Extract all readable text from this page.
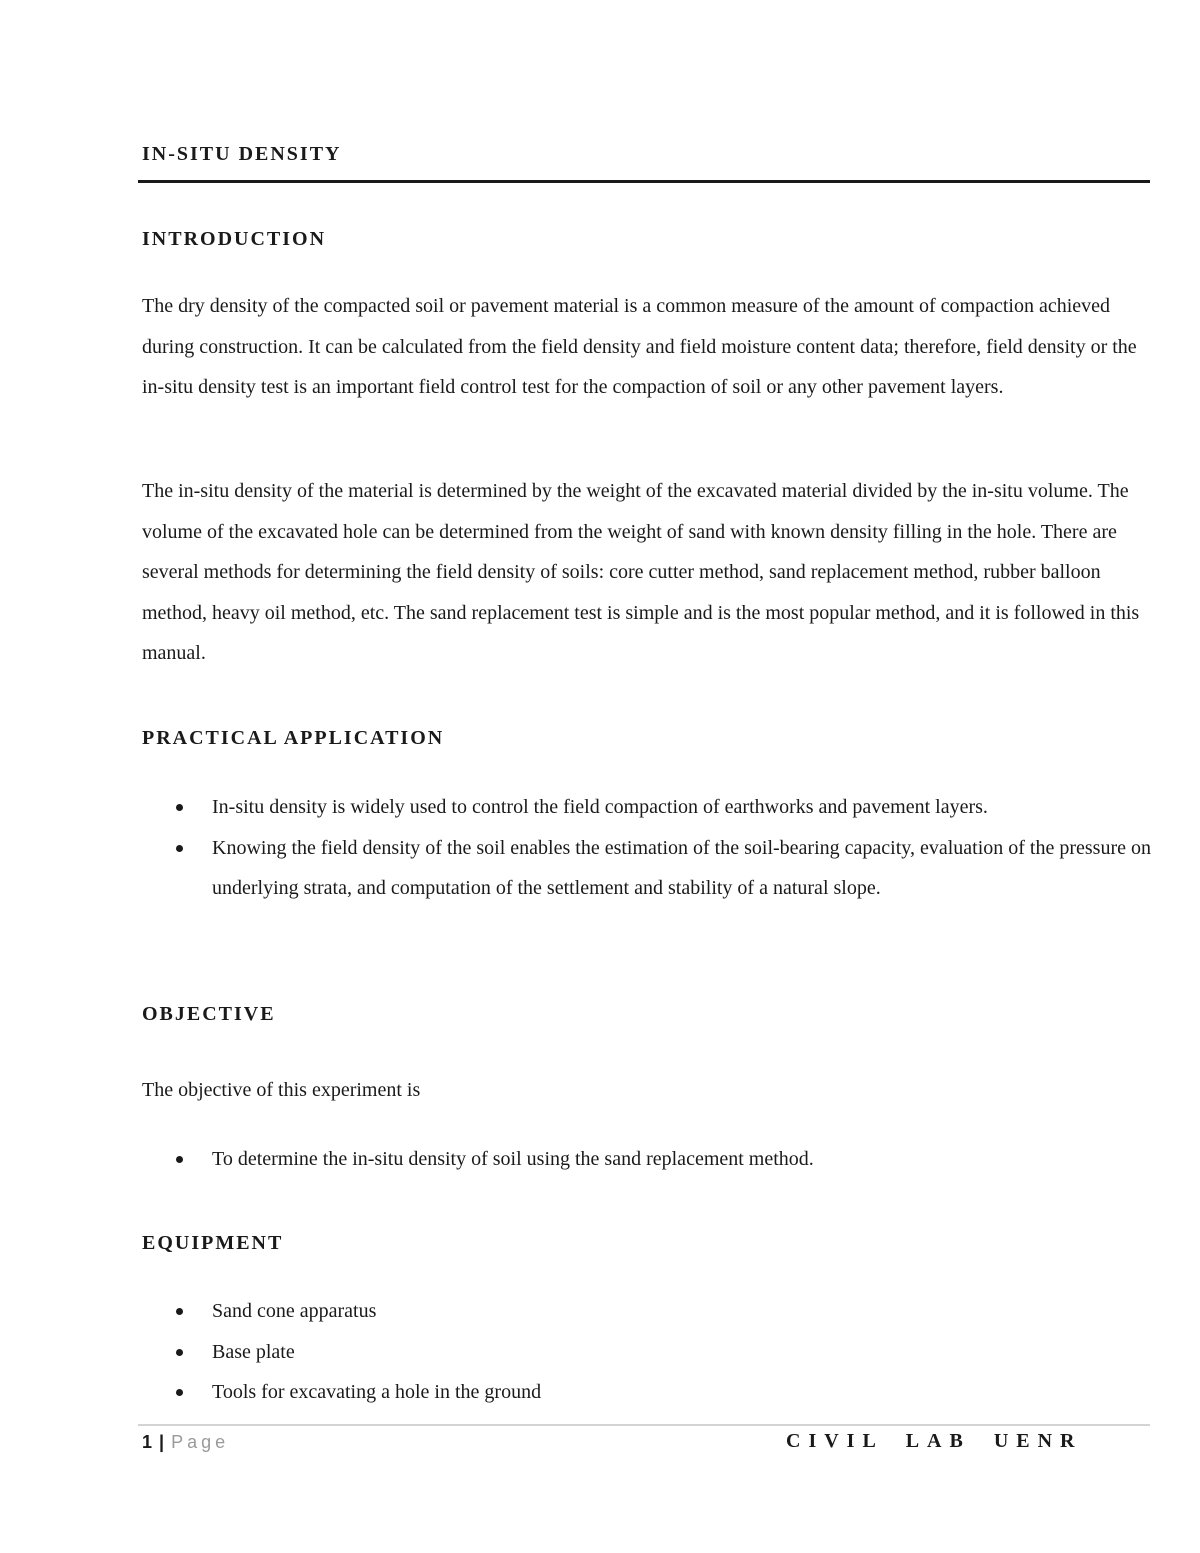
IN-SITU DENSITY
INTRODUCTION

The dry density of the compacted soil or pavement material is a common measure of the amount of compaction achieved during construction. It can be calculated from the field density and field moisture content data; therefore, field density or the in-situ density test is an important field control test for the compaction of soil or any other pavement layers.

The in-situ density of the material is determined by the weight of the excavated material divided by the in-situ volume. The volume of the excavated hole can be determined from the weight of sand with known density filling in the hole. There are several methods for determining the field density of soils: core cutter method, sand replacement method, rubber balloon method, heavy oil method, etc. The sand replacement test is simple and is the most popular method, and it is followed in this manual.

PRACTICAL APPLICATION
In-situ density is widely used to control the field compaction of earthworks and pavement layers.
Knowing the field density of the soil enables the estimation of the soil-bearing capacity, evaluation of the pressure on underlying strata, and computation of the settlement and stability of a natural slope.
OBJECTIVE

The objective of this experiment is

To determine the in-situ density of soil using the sand replacement method.
EQUIPMENT
Sand cone apparatus
Base plate
Tools for excavating a hole in the ground
1 | Page	CIVIL LAB UENR
